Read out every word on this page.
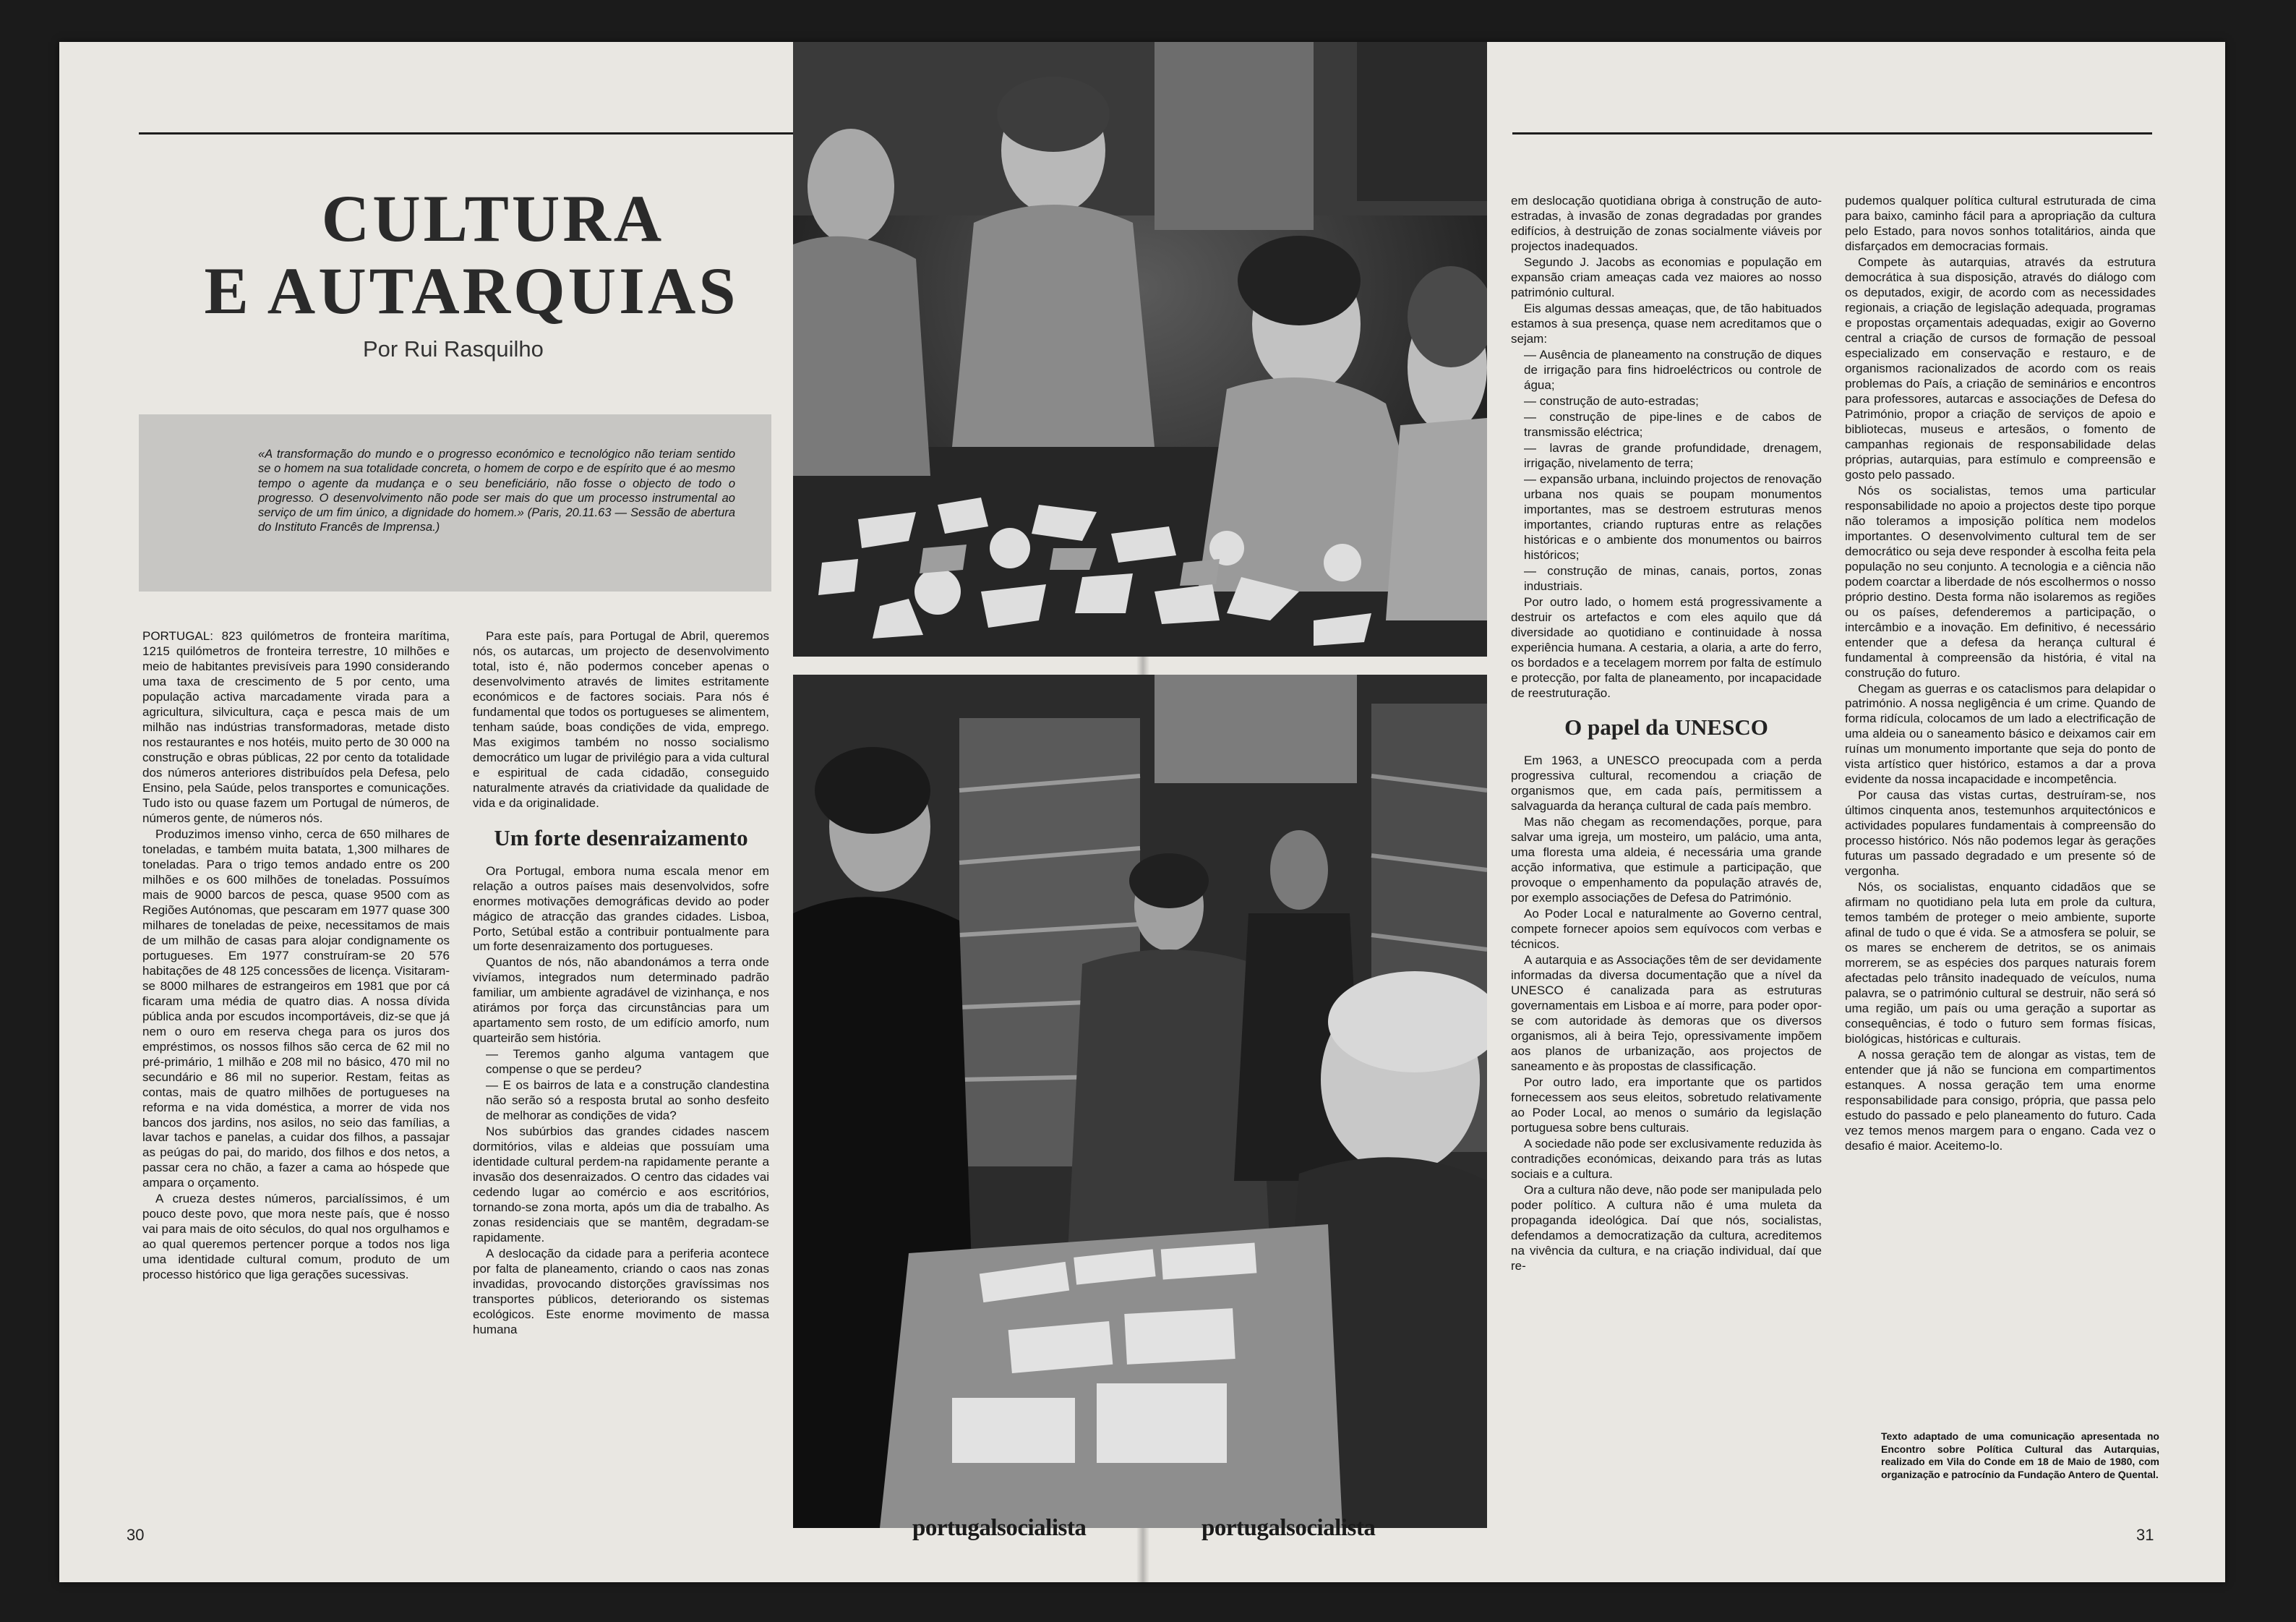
CULTURA
E AUTARQUIAS
Por Rui Rasquilho

«A transformação do mundo e o progresso económico e tecnológico não teriam sentido se o homem na sua totalidade concreta, o homem de corpo e de espírito que é ao mesmo tempo o agente da mudança e o seu beneficiário, não fosse o objecto de todo o progresso. O desenvolvimento não pode ser mais do que um processo instrumental ao serviço de um fim único, a dignidade do homem.» (Paris, 20.11.63 — Sessão de abertura do Instituto Francês de Imprensa.)

PORTUGAL: 823 quilómetros de fronteira marítima, 1215 quilómetros de fronteira terrestre, 10 milhões e meio de habitantes previsíveis para 1990 considerando uma taxa de crescimento de 5 por cento, uma população activa marcadamente virada para a agricultura, silvicultura, caça e pesca mais de um milhão nas indústrias transformadoras, metade disto nos restaurantes e nos hotéis, muito perto de 30 000 na construção e obras públicas, 22 por cento da totalidade dos números anteriores distribuídos pela Defesa, pelo Ensino, pela Saúde, pelos transportes e comunicações. Tudo isto ou quase fazem um Portugal de números, de números gente, de números nós.

Produzimos imenso vinho, cerca de 650 milhares de toneladas, e também muita batata, 1,300 milhares de toneladas. Para o trigo temos andado entre os 200 milhões e os 600 milhões de toneladas. Possuímos mais de 9000 barcos de pesca, quase 9500 com as Regiões Autónomas, que pescaram em 1977 quase 300 milhares de toneladas de peixe, necessitamos de mais de um milhão de casas para alojar condignamente os portugueses. Em 1977 construíram-se 20 576 habitações de 48 125 concessões de licença. Visitaram-se 8000 milhares de estrangeiros em 1981 que por cá ficaram uma média de quatro dias. A nossa dívida pública anda por escudos incomportáveis, diz-se que já nem o ouro em reserva chega para os juros dos empréstimos, os nossos filhos são cerca de 62 mil no pré-primário, 1 milhão e 208 mil no básico, 470 mil no secundário e 86 mil no superior. Restam, feitas as contas, mais de quatro milhões de portugueses na reforma e na vida doméstica, a morrer de vida nos bancos dos jardins, nos asilos, no seio das famílias, a lavar tachos e panelas, a cuidar dos filhos, a passajar as peúgas do pai, do marido, dos filhos e dos netos, a passar cera no chão, a fazer a cama ao hóspede que ampara o orçamento.

A crueza destes números, parcialíssimos, é um pouco deste povo, que mora neste país, que é nosso vai para mais de oito séculos, do qual nos orgulhamos e ao qual queremos pertencer porque a todos nos liga uma identidade cultural comum, produto de um processo histórico que liga gerações sucessivas.

Para este país, para Portugal de Abril, queremos nós, os autarcas, um projecto de desenvolvimento total, isto é, não podermos conceber apenas o desenvolvimento através de limites estritamente económicos e de factores sociais. Para nós é fundamental que todos os portugueses se alimentem, tenham saúde, boas condições de vida, emprego. Mas exigimos também no nosso socialismo democrático um lugar de privilégio para a vida cultural e espiritual de cada cidadão, conseguido naturalmente através da criatividade da qualidade de vida e da originalidade.

Um forte desenraizamento

Ora Portugal, embora numa escala menor em relação a outros países mais desenvolvidos, sofre enormes motivações demográficas devido ao poder mágico de atracção das grandes cidades. Lisboa, Porto, Setúbal estão a contribuir pontualmente para um forte desenraizamento dos portugueses.

Quantos de nós, não abandonámos a terra onde vivíamos, integrados num determinado padrão familiar, um ambiente agradável de vizinhança, e nos atirámos por força das circunstâncias para um apartamento sem rosto, de um edifício amorfo, num quarteirão sem história.

— Teremos ganho alguma vantagem que compense o que se perdeu?

— E os bairros de lata e a construção clandestina não serão só a resposta brutal ao sonho desfeito de melhorar as condições de vida?

Nos subúrbios das grandes cidades nascem dormitórios, vilas e aldeias que possuíam uma identidade cultural perdem-na rapidamente perante a invasão dos desenraizados. O centro das cidades vai cedendo lugar ao comércio e aos escritórios, tornando-se zona morta, após um dia de trabalho. As zonas residenciais que se mantêm, degradam-se rapidamente.

A deslocação da cidade para a periferia acontece por falta de planeamento, criando o caos nas zonas invadidas, provocando distorções gravíssimas nos transportes públicos, deteriorando os sistemas ecológicos. Este enorme movimento de massa humana

em deslocação quotidiana obriga à construção de auto-estradas, à invasão de zonas degradadas por grandes edifícios, à destruição de zonas socialmente viáveis por projectos inadequados.

Segundo J. Jacobs as economias e população em expansão criam ameaças cada vez maiores ao nosso património cultural.

Eis algumas dessas ameaças, que, de tão habituados estamos à sua presença, quase nem acreditamos que o sejam:

— Ausência de planeamento na construção de diques de irrigação para fins hidroeléctricos ou controle de água;

— construção de auto-estradas;

— construção de pipe-lines e de cabos de transmissão eléctrica;

— lavras de grande profundidade, drenagem, irrigação, nivelamento de terra;

— expansão urbana, incluindo projectos de renovação urbana nos quais se poupam monumentos importantes, mas se destroem estruturas menos importantes, criando rupturas entre as relações históricas e o ambiente dos monumentos ou bairros históricos;

— construção de minas, canais, portos, zonas industriais.

Por outro lado, o homem está progressivamente a destruir os artefactos e com eles aquilo que dá diversidade ao quotidiano e continuidade à nossa experiência humana. A cestaria, a olaria, a arte do ferro, os bordados e a tecelagem morrem por falta de estímulo e protecção, por falta de planeamento, por incapacidade de reestruturação.

O papel da UNESCO

Em 1963, a UNESCO preocupada com a perda progressiva cultural, recomendou a criação de organismos que, em cada país, permitissem a salvaguarda da herança cultural de cada país membro.

Mas não chegam as recomendações, porque, para salvar uma igreja, um mosteiro, um palácio, uma anta, uma floresta uma aldeia, é necessária uma grande acção informativa, que estimule a participação, que provoque o empenhamento da população através de, por exemplo associações de Defesa do Património.

Ao Poder Local e naturalmente ao Governo central, compete fornecer apoios sem equívocos com verbas e técnicos.

A autarquia e as Associações têm de ser devidamente informadas da diversa documentação que a nível da UNESCO é canalizada para as estruturas governamentais em Lisboa e aí morre, para poder opor-se com autoridade às demoras que os diversos organismos, ali à beira Tejo, opressivamente impõem aos planos de urbanização, aos projectos de saneamento e às propostas de classificação.

Por outro lado, era importante que os partidos fornecessem aos seus eleitos, sobretudo relativamente ao Poder Local, ao menos o sumário da legislação portuguesa sobre bens culturais.

A sociedade não pode ser exclusivamente reduzida às contradições económicas, deixando para trás as lutas sociais e a cultura.

Ora a cultura não deve, não pode ser manipulada pelo poder político. A cultura não é uma muleta da propaganda ideológica. Daí que nós, socialistas, defendamos a democratização da cultura, acreditemos na vivência da cultura, e na criação individual, daí que re-

pudemos qualquer política cultural estruturada de cima para baixo, caminho fácil para a apropriação da cultura pelo Estado, para novos sonhos totalitários, ainda que disfarçados em democracias formais.

Compete às autarquias, através da estrutura democrática à sua disposição, através do diálogo com os deputados, exigir, de acordo com as necessidades regionais, a criação de legislação adequada, programas e propostas orçamentais adequadas, exigir ao Governo central a criação de cursos de formação de pessoal especializado em conservação e restauro, e de organismos racionalizados de acordo com os reais problemas do País, a criação de seminários e encontros para professores, autarcas e associações de Defesa do Património, propor a criação de serviços de apoio e bibliotecas, museus e artesãos, o fomento de campanhas regionais de responsabilidade delas próprias, autarquias, para estímulo e compreensão e gosto pelo passado.

Nós os socialistas, temos uma particular responsabilidade no apoio a projectos deste tipo porque não toleramos a imposição política nem modelos importantes. O desenvolvimento cultural tem de ser democrático ou seja deve responder à escolha feita pela população no seu conjunto. A tecnologia e a ciência não podem coarctar a liberdade de nós escolhermos o nosso próprio destino. Desta forma não isolaremos as regiões ou os países, defenderemos a participação, o intercâmbio e a inovação. Em definitivo, é necessário entender que a defesa da herança cultural é fundamental à compreensão da história, é vital na construção do futuro.

Chegam as guerras e os cataclismos para delapidar o património. A nossa negligência é um crime. Quando de forma ridícula, colocamos de um lado a electrificação de uma aldeia ou o saneamento básico e deixamos cair em ruínas um monumento importante que seja do ponto de vista artístico quer histórico, estamos a dar a prova evidente da nossa incapacidade e incompetência.

Por causa das vistas curtas, destruíram-se, nos últimos cinquenta anos, testemunhos arquitectónicos e actividades populares fundamentais à compreensão do processo histórico. Nós não podemos legar às gerações futuras um passado degradado e um presente só de vergonha.

Nós, os socialistas, enquanto cidadãos que se afirmam no quotidiano pela luta em prole da cultura, temos também de proteger o meio ambiente, suporte afinal de tudo o que é vida. Se a atmosfera se poluir, se os mares se encherem de detritos, se os animais morrerem, se as espécies dos parques naturais forem afectadas pelo trânsito inadequado de veículos, numa palavra, se o património cultural se destruir, não será só uma região, um país ou uma geração a suportar as consequências, é todo o futuro sem formas físicas, biológicas, históricas e culturais.

A nossa geração tem de alongar as vistas, tem de entender que já não se funciona em compartimentos estanques. A nossa geração tem uma enorme responsabilidade para consigo, própria, que passa pelo estudo do passado e pelo planeamento do futuro. Cada vez temos menos margem para o engano. Cada vez o desafio é maior. Aceitemo-lo.

Texto adaptado de uma comunicação apresentada no Encontro sobre Política Cultural das Autarquias, realizado em Vila do Conde em 18 de Maio de 1980, com organização e patrocínio da Fundação Antero de Quental.
30	31
portugalsocialista	portugalsocialista
